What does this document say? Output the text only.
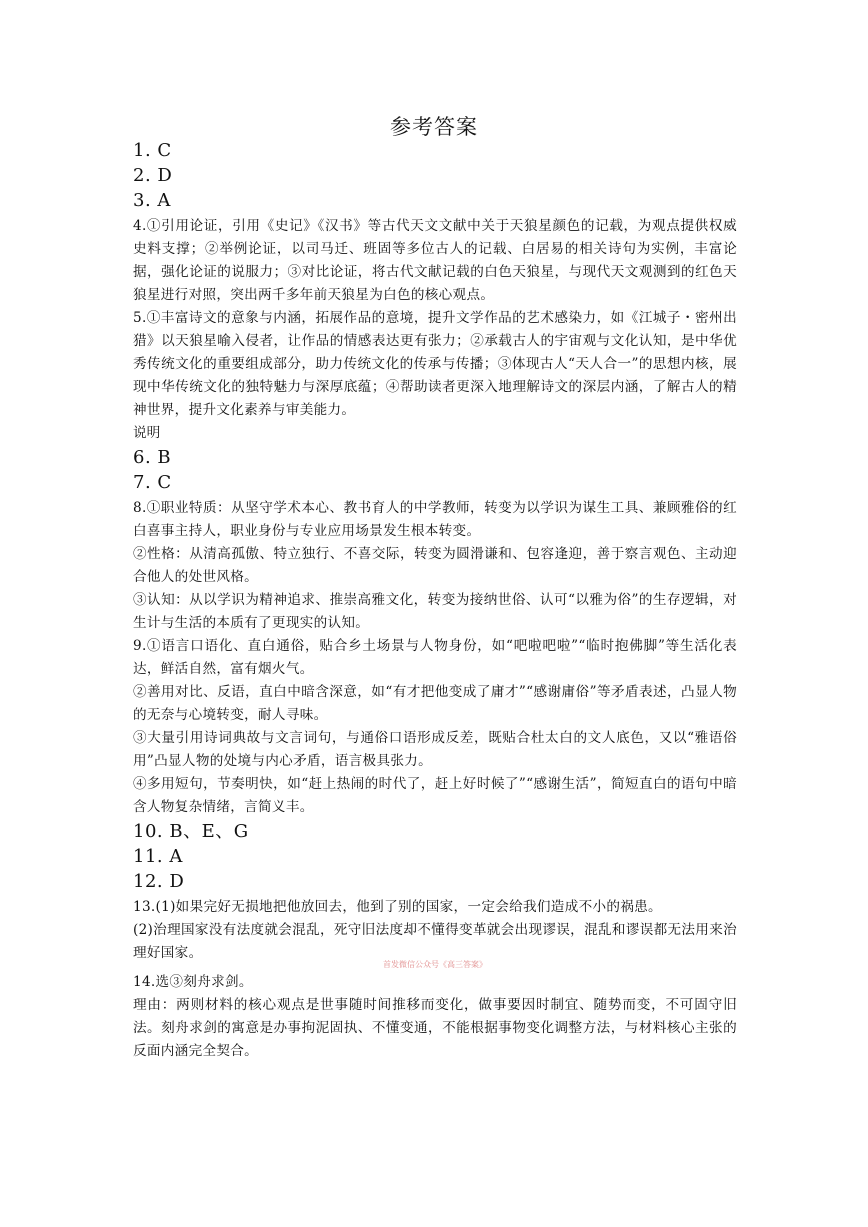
参考答案
1. C
2. D
3. A

4.①引用论证，引用《史记》《汉书》等古代天文文献中关于天狼星颜色的记载，为观点提供权威史料支撑；②举例论证，以司马迁、班固等多位古人的记载、白居易的相关诗句为实例，丰富论据，强化论证的说服力；③对比论证，将古代文献记载的白色天狼星，与现代天文观测到的红色天狼星进行对照，突出两千多年前天狼星为白色的核心观点。

5.①丰富诗文的意象与内涵，拓展作品的意境，提升文学作品的艺术感染力，如《江城子・密州出猎》以天狼星喻入侵者，让作品的情感表达更有张力；②承载古人的宇宙观与文化认知，是中华优秀传统文化的重要组成部分，助力传统文化的传承与传播；③体现古人“天人合一”的思想内核，展现中华传统文化的独特魅力与深厚底蕴；④帮助读者更深入地理解诗文的深层内涵，了解古人的精神世界，提升文化素养与审美能力。

说明

6. B
7. C

8.①职业特质：从坚守学术本心、教书育人的中学教师，转变为以学识为谋生工具、兼顾雅俗的红白喜事主持人，职业身份与专业应用场景发生根本转变。

②性格：从清高孤傲、特立独行、不喜交际，转变为圆滑谦和、包容逢迎，善于察言观色、主动迎合他人的处世风格。

③认知：从以学识为精神追求、推崇高雅文化，转变为接纳世俗、认可“以雅为俗”的生存逻辑，对生计与生活的本质有了更现实的认知。

9.①语言口语化、直白通俗，贴合乡土场景与人物身份，如“吧啦吧啦”“临时抱佛脚”等生活化表达，鲜活自然，富有烟火气。

②善用对比、反语，直白中暗含深意，如“有才把他变成了庸才”“感谢庸俗”等矛盾表述，凸显人物的无奈与心境转变，耐人寻味。

③大量引用诗词典故与文言词句，与通俗口语形成反差，既贴合杜太白的文人底色，又以“雅语俗用”凸显人物的处境与内心矛盾，语言极具张力。

④多用短句，节奏明快，如“赶上热闹的时代了，赶上好时候了”“感谢生活”，简短直白的语句中暗含人物复杂情绪，言简义丰。

10. B、E、G
11. A
12. D

13.(1)如果完好无损地把他放回去，他到了别的国家，一定会给我们造成不小的祸患。

(2)治理国家没有法度就会混乱，死守旧法度却不懂得变革就会出现谬误，混乱和谬误都无法用来治理好国家。

首发微信公众号《高三答案》

14.选③刻舟求剑。

理由：两则材料的核心观点是世事随时间推移而变化，做事要因时制宜、随势而变，不可固守旧法。刻舟求剑的寓意是办事拘泥固执、不懂变通，不能根据事物变化调整方法，与材料核心主张的反面内涵完全契合。
